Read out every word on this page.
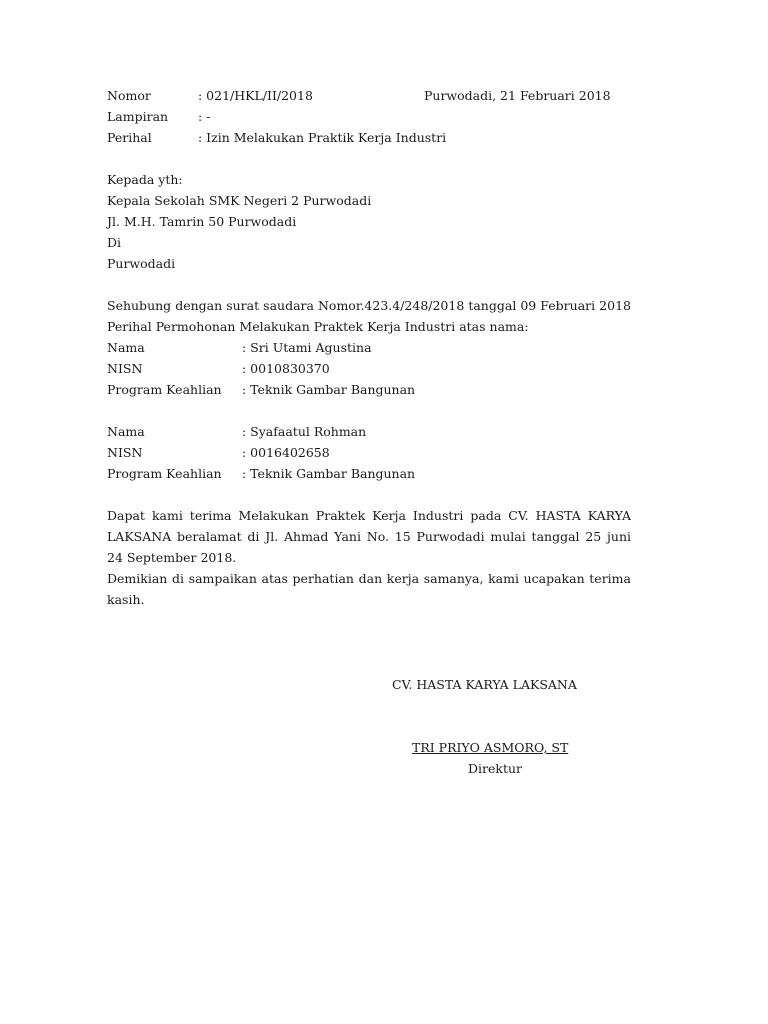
Nomor	: 021/HKL/II/2018	Purwodadi, 21 Februari 2018
Lampiran : -
Perihal	: Izin Melakukan Praktik Kerja Industri
Kepada yth:
Kepala Sekolah SMK Negeri 2 Purwodadi
Jl. M.H. Tamrin 50 Purwodadi
Di
Purwodadi
Sehubung dengan surat saudara Nomor.423.4/248/2018 tanggal 09 Februari 2018
Perihal Permohonan Melakukan Praktek Kerja Industri atas nama:
Nama	: Sri Utami Agustina
NISN	: 0010830370
Program Keahlian : Teknik Gambar Bangunan
Nama	: Syafaatul Rohman
NISN	: 0016402658
Program Keahlian : Teknik Gambar Bangunan
Dapat kami terima Melakukan Praktek Kerja Industri pada CV. HASTA KARYA
LAKSANA beralamat di Jl. Ahmad Yani No. 15 Purwodadi mulai tanggal 25 juni
24 September 2018.
Demikian di sampaikan atas perhatian dan kerja samanya, kami ucapakan terima
kasih.
CV. HASTA KARYA LAKSANA
TRI PRIYO ASMORO, ST
Direktur
